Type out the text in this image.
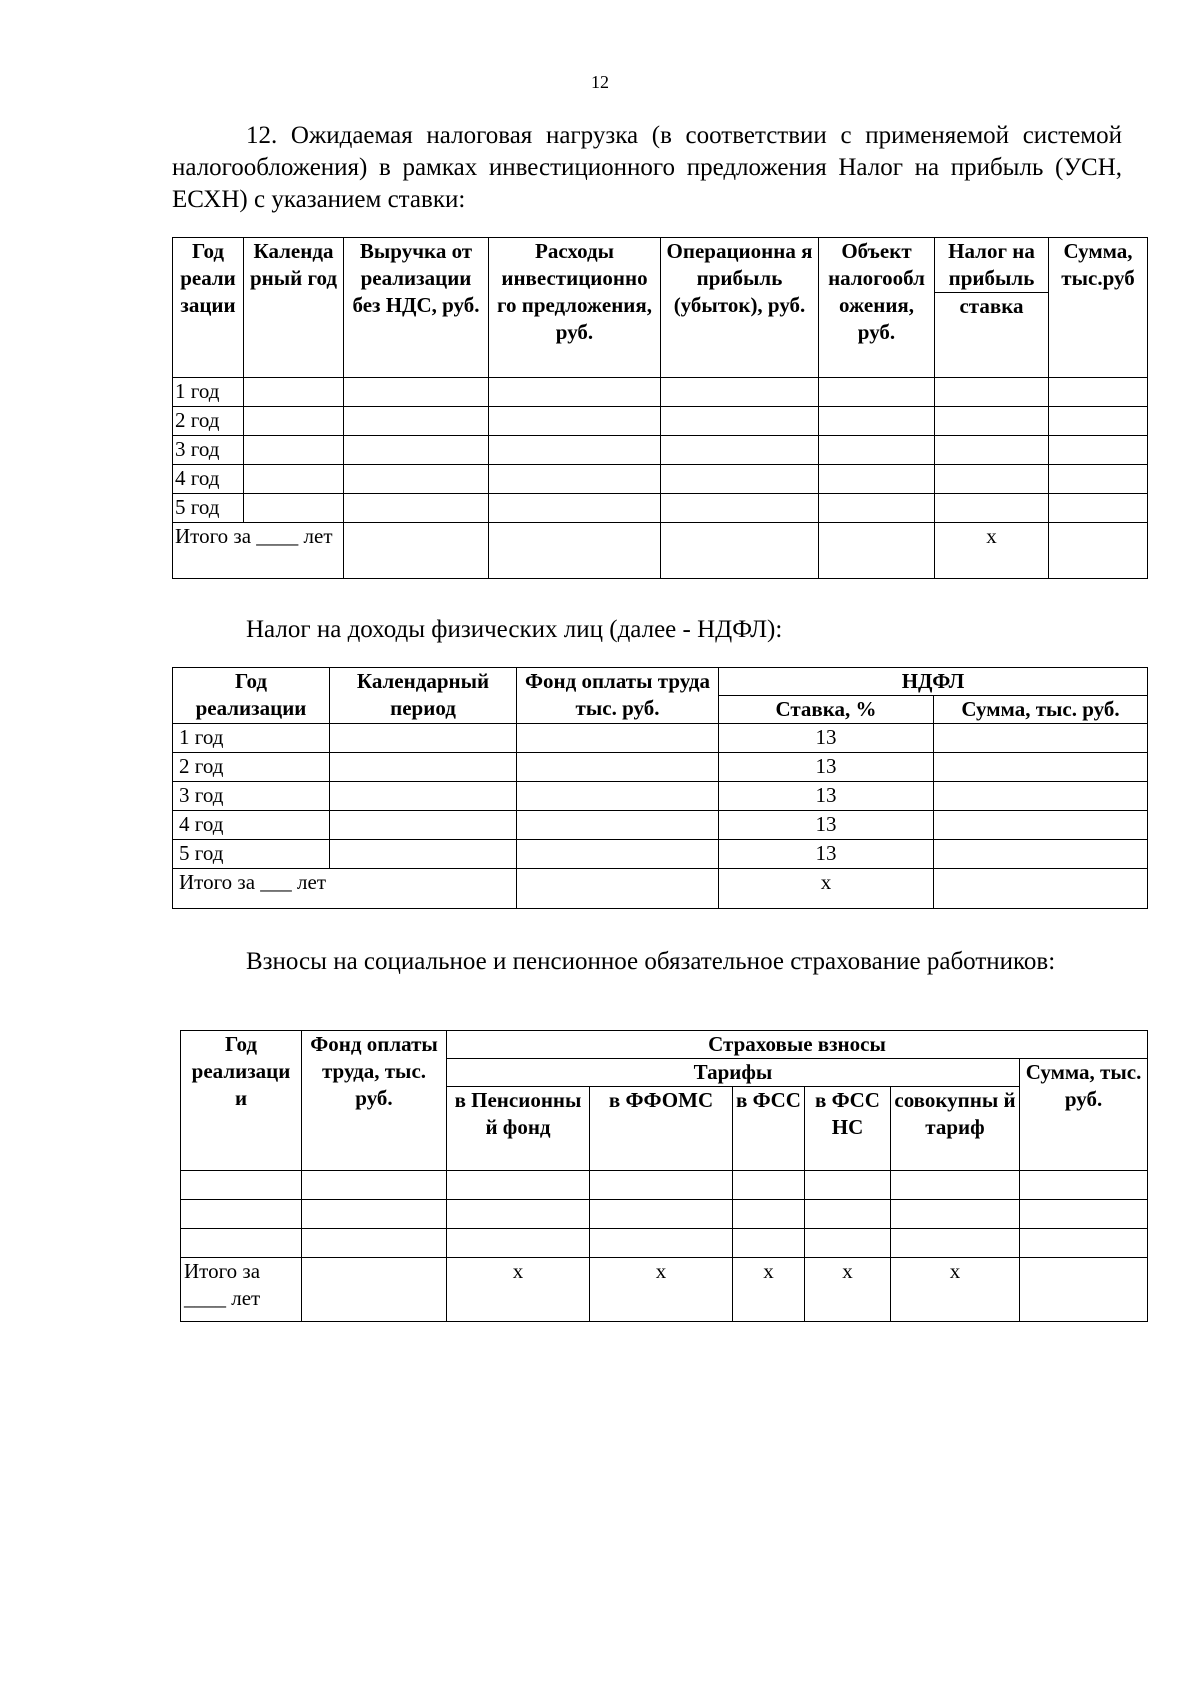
12
12. Ожидаемая налоговая нагрузка (в соответствии с применяемой системой налогообложения) в рамках инвестиционного предложения Налог на прибыль (УСН, ЕСХН) с указанием ставки:
Год реали зации	Календа рный год	Выручка от реализации без НДС, руб.	Расходы инвестиционно го предложения, руб.	Операционна я прибыль (убыток), руб.	Объект налогообл ожения, руб.	Налог на прибыль	Сумма, тыс.руб
						ставка	
1 год							
2 год							
3 год							
4 год							
5 год							
Итого за ____ лет						х	
Налог на доходы физических лиц (далее - НДФЛ):
Год реализации	Календарный период	Фонд оплаты труда тыс. руб.	НДФЛ	
			Ставка, %	Сумма, тыс. руб.
1 год			13	
2 год			13	
3 год			13	
4 год			13	
5 год			13	
Итого за ___ лет			х	
Взносы на социальное и пенсионное обязательное страхование работников:
Год реализаци и	Фонд оплаты труда, тыс. руб.	Страховые взносы					
		Тарифы					Сумма, тыс. руб.
		в Пенсионны й фонд	в ФФОМС	в ФСС	в ФСС НС	совокупны й тариф	

Итого за ____ лет		х	х	х	х	х	
